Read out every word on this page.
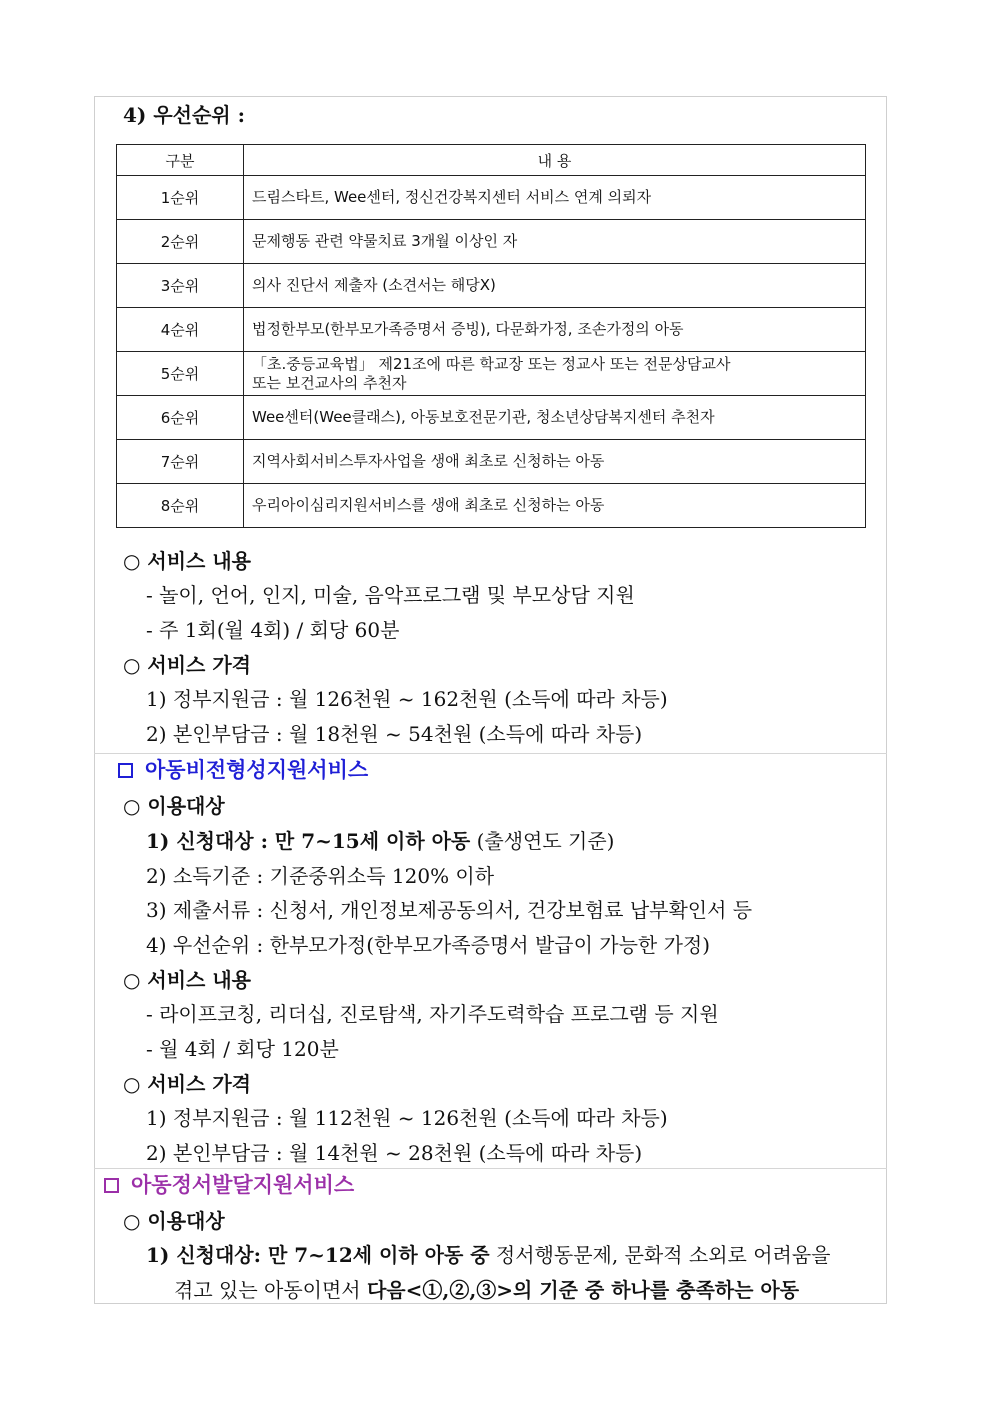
4) 우선순위 :
구분	내 용
1순위	드림스타트, Wee센터, 정신건강복지센터 서비스 연계 의뢰자
2순위	문제행동 관련 약물치료 3개월 이상인 자
3순위	의사 진단서 제출자 (소견서는 해당X)
4순위	법정한부모(한부모가족증명서 증빙), 다문화가정, 조손가정의 아동
5순위	「초.중등교육법」 제21조에 따른 학교장 또는 정교사 또는 전문상담교사
또는 보건교사의 추천자
6순위	Wee센터(Wee클래스), 아동보호전문기관, 청소년상담복지센터 추천자
7순위	지역사회서비스투자사업을 생애 최초로 신청하는 아동
8순위	우리아이심리지원서비스를 생애 최초로 신청하는 아동
○ 서비스 내용
- 놀이, 언어, 인지, 미술, 음악프로그램 및 부모상담 지원
- 주 1회(월 4회) / 회당 60분
○ 서비스 가격
1) 정부지원금 : 월 126천원 ~ 162천원 (소득에 따라 차등)
2) 본인부담금 : 월 18천원 ~ 54천원 (소득에 따라 차등)
아동비전형성지원서비스
○ 이용대상
1) 신청대상 : 만 7~15세 이하 아동 (출생연도 기준)
2) 소득기준 : 기준중위소득 120% 이하
3) 제출서류 : 신청서, 개인정보제공동의서, 건강보험료 납부확인서 등
4) 우선순위 : 한부모가정(한부모가족증명서 발급이 가능한 가정)
○ 서비스 내용
- 라이프코칭, 리더십, 진로탐색, 자기주도력학습 프로그램 등 지원
- 월 4회 / 회당 120분
○ 서비스 가격
1) 정부지원금 : 월 112천원 ~ 126천원 (소득에 따라 차등)
2) 본인부담금 : 월 14천원 ~ 28천원 (소득에 따라 차등)
아동정서발달지원서비스
○ 이용대상
1) 신청대상: 만 7~12세 이하 아동 중 정서행동문제, 문화적 소외로 어려움을
겪고 있는 아동이면서 다음<①,②,③>의 기준 중 하나를 충족하는 아동
